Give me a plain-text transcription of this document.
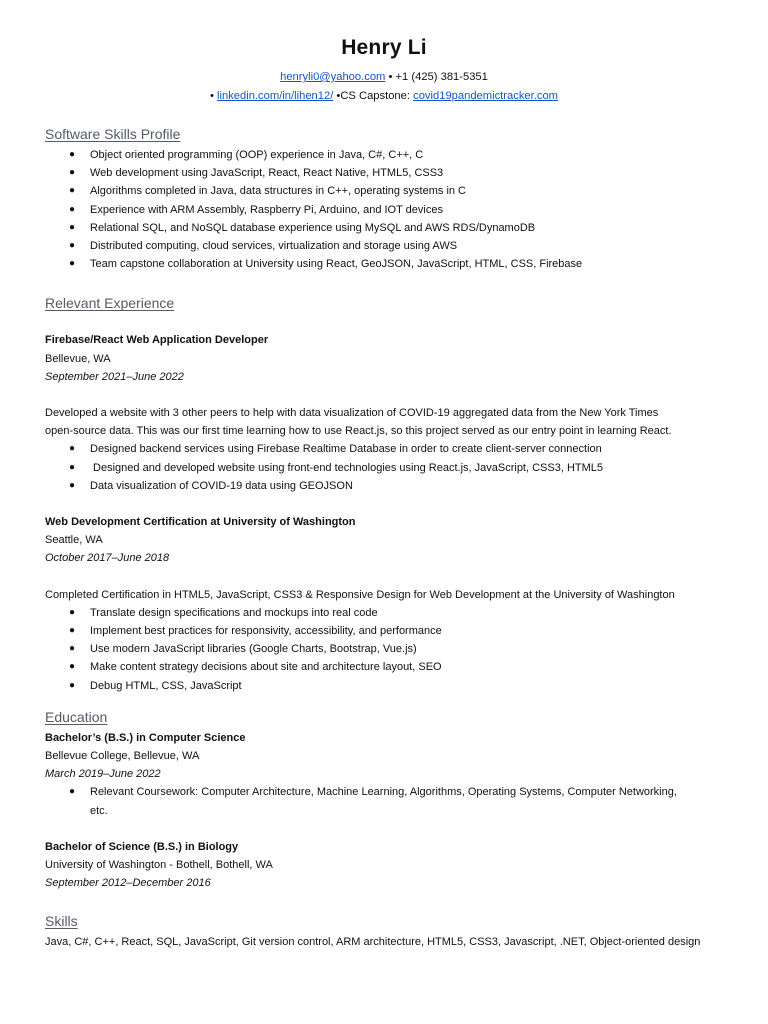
Henry Li
henryli0@yahoo.com • +1 (425) 381-5351
• linkedin.com/in/lihen12/ •CS Capstone: covid19pandemictracker.com
Software Skills Profile
● Object oriented programming (OOP) experience in Java, C#, C++, C
● Web development using JavaScript, React, React Native, HTML5, CSS3
● Algorithms completed in Java, data structures in C++, operating systems in C
● Experience with ARM Assembly, Raspberry Pi, Arduino, and IOT devices
● Relational SQL, and NoSQL database experience using MySQL and AWS RDS/DynamoDB
● Distributed computing, cloud services, virtualization and storage using AWS
● Team capstone collaboration at University using React, GeoJSON, JavaScript, HTML, CSS, Firebase
Relevant Experience

Firebase/React Web Application Developer

Bellevue, WA

September 2021–June 2022

Developed a website with 3 other peers to help with data visualization of COVID-19 aggregated data from the New York Times

open-source data. This was our first time learning how to use React.js, so this project served as our entry point in learning React.

● Designed backend services using Firebase Realtime Database in order to create client-server connection
● Designed and developed website using front-end technologies using React.js, JavaScript, CSS3, HTML5
● Data visualization of COVID-19 data using GEOJSON

Web Development Certification at University of Washington

Seattle, WA

October 2017–June 2018

Completed Certification in HTML5, JavaScript, CSS3 & Responsive Design for Web Development at the University of Washington

● Translate design specifications and mockups into real code
● Implement best practices for responsivity, accessibility, and performance
● Use modern JavaScript libraries (Google Charts, Bootstrap, Vue.js)
● Make content strategy decisions about site and architecture layout, SEO
● Debug HTML, CSS, JavaScript
Education

Bachelor’s (B.S.) in Computer Science

Bellevue College, Bellevue, WA

March 2019–June 2022

● Relevant Coursework: Computer Architecture, Machine Learning, Algorithms, Operating Systems, Computer Networking,
etc.

Bachelor of Science (B.S.) in Biology

University of Washington - Bothell, Bothell, WA

September 2012–December 2016

Skills

Java, C#, C++, React, SQL, JavaScript, Git version control, ARM architecture, HTML5, CSS3, Javascript, .NET, Object-oriented design
